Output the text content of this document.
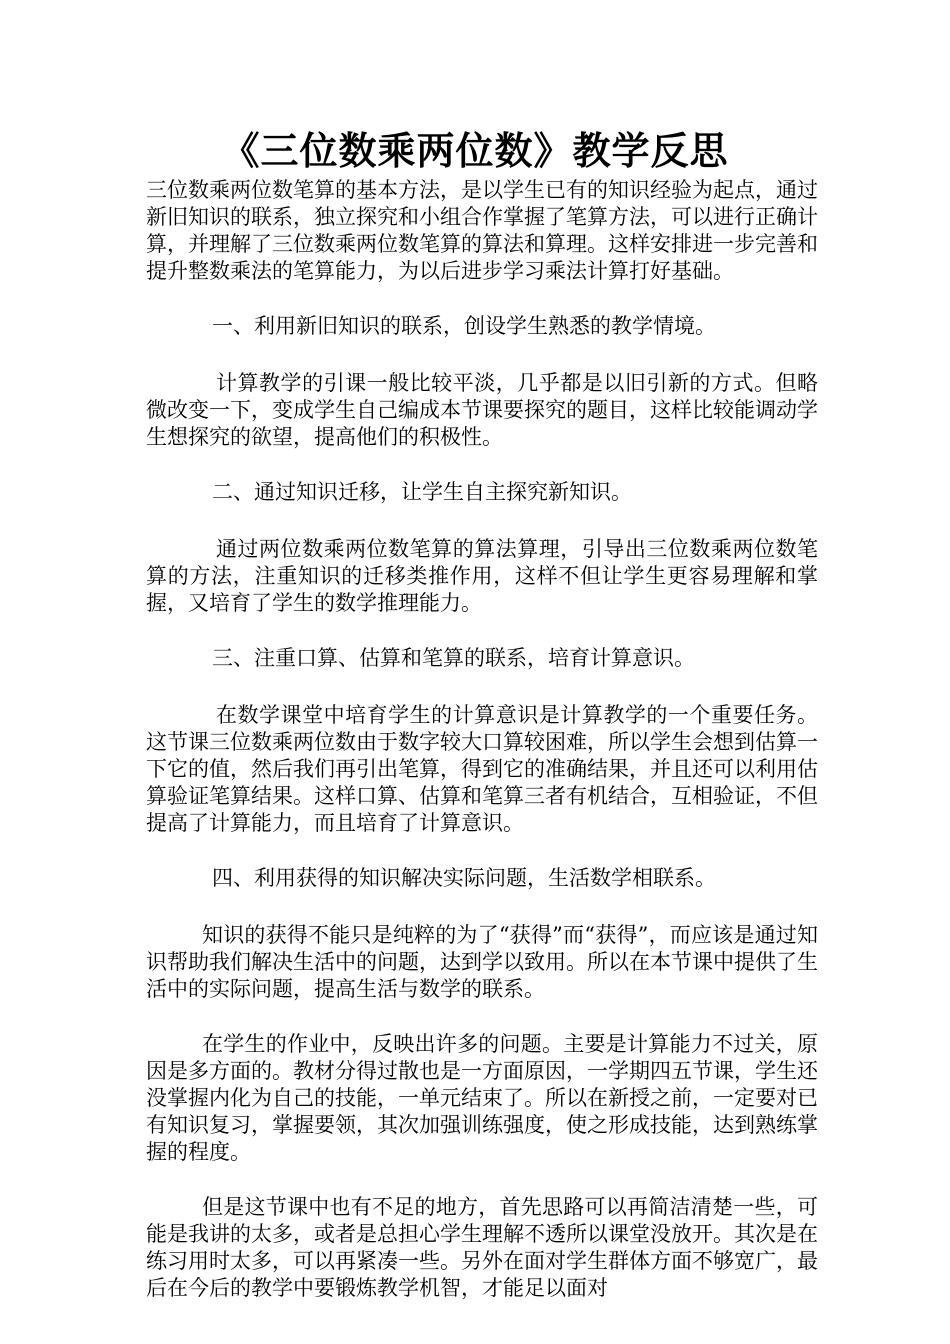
《三位数乘两位数》教学反思

三位数乘两位数笔算的基本方法，是以学生已有的知识经验为起点，通过新旧知识的联系，独立探究和小组合作掌握了笔算方法，可以进行正确计算，并理解了三位数乘两位数笔算的算法和算理。这样安排进一步完善和提升整数乘法的笔算能力，为以后进步学习乘法计算打好基础。

一、利用新旧知识的联系，创设学生熟悉的教学情境。

计算教学的引课一般比较平淡，几乎都是以旧引新的方式。但略微改变一下，变成学生自己编成本节课要探究的题目，这样比较能调动学生想探究的欲望，提高他们的积极性。

二、通过知识迁移，让学生自主探究新知识。

通过两位数乘两位数笔算的算法算理，引导出三位数乘两位数笔算的方法，注重知识的迁移类推作用，这样不但让学生更容易理解和掌握，又培育了学生的数学推理能力。

三、注重口算、估算和笔算的联系，培育计算意识。

在数学课堂中培育学生的计算意识是计算教学的一个重要任务。这节课三位数乘两位数由于数字较大口算较困难，所以学生会想到估算一下它的值，然后我们再引出笔算，得到它的准确结果，并且还可以利用估算验证笔算结果。这样口算、估算和笔算三者有机结合，互相验证，不但提高了计算能力，而且培育了计算意识。

四、利用获得的知识解决实际问题，生活数学相联系。

知识的获得不能只是纯粹的为了“获得”而“获得”，而应该是通过知识帮助我们解决生活中的问题，达到学以致用。所以在本节课中提供了生活中的实际问题，提高生活与数学的联系。

在学生的作业中，反映出许多的问题。主要是计算能力不过关，原因是多方面的。教材分得过散也是一方面原因，一学期四五节课，学生还没掌握内化为自己的技能，一单元结束了。所以在新授之前，一定要对已有知识复习，掌握要领，其次加强训练强度，使之形成技能，达到熟练掌握的程度。

但是这节课中也有不足的地方，首先思路可以再简洁清楚一些，可能是我讲的太多，或者是总担心学生理解不透所以课堂没放开。其次是在练习用时太多，可以再紧凑一些。另外在面对学生群体方面不够宽广，最后在今后的教学中要锻炼教学机智，才能足以面对
